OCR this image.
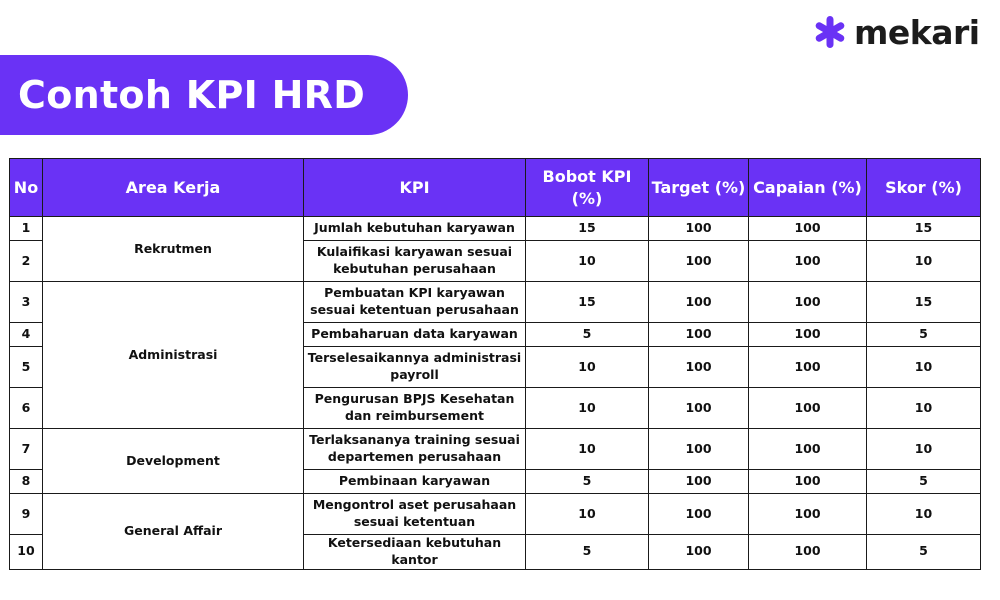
mekari
Contoh KPI HRD
No	Area Kerja	KPI	Bobot KPI (%)	Target (%)	Capaian (%)	Skor (%)
1	Rekrutmen	Jumlah kebutuhan karyawan	15	100	100	15
2		Kulaifikasi karyawan sesuai kebutuhan perusahaan	10	100	100	10
3	Administrasi	Pembuatan KPI karyawan sesuai ketentuan perusahaan	15	100	100	15
4		Pembaharuan data karyawan	5	100	100	5
5		Terselesaikannya administrasi payroll	10	100	100	10
6		Pengurusan BPJS Kesehatan dan reimbursement	10	100	100	10
7	Development	Terlaksananya training sesuai departemen perusahaan	10	100	100	10
8		Pembinaan karyawan	5	100	100	5
9	General Affair	Mengontrol aset perusahaan sesuai ketentuan	10	100	100	10
10		Ketersediaan kebutuhan kantor	5	100	100	5
